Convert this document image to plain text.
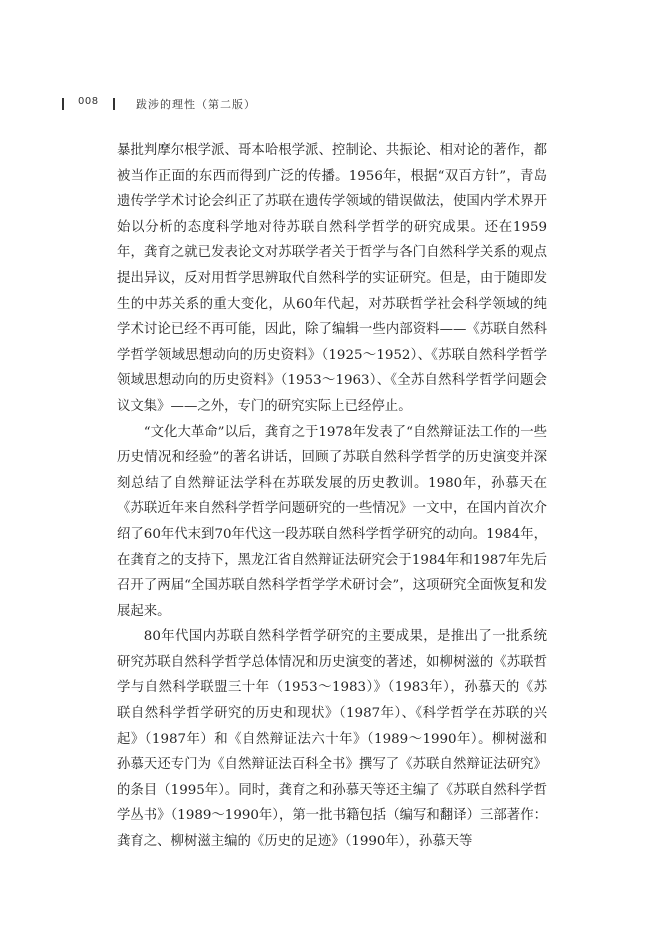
008	跋涉的理性（第二版）

暴批判摩尔根学派、哥本哈根学派、控制论、共振论、相对论的著作，都被当作正面的东西而得到广泛的传播。1956年，根据“双百方针”，青岛遗传学学术讨论会纠正了苏联在遗传学领域的错误做法，使国内学术界开始以分析的态度科学地对待苏联自然科学哲学的研究成果。还在1959年，龚育之就已发表论文对苏联学者关于哲学与各门自然科学关系的观点提出异议，反对用哲学思辨取代自然科学的实证研究。但是，由于随即发生的中苏关系的重大变化，从60年代起，对苏联哲学社会科学领域的纯学术讨论已经不再可能，因此，除了编辑一些内部资料——《苏联自然科学哲学领域思想动向的历史资料》（1925～1952）、《苏联自然科学哲学领域思想动向的历史资料》（1953～1963）、《全苏自然科学哲学问题会议文集》——之外，专门的研究实际上已经停止。

“文化大革命”以后，龚育之于1978年发表了“自然辩证法工作的一些历史情况和经验”的著名讲话，回顾了苏联自然科学哲学的历史演变并深刻总结了自然辩证法学科在苏联发展的历史教训。1980年，孙慕天在《苏联近年来自然科学哲学问题研究的一些情况》一文中，在国内首次介绍了60年代末到70年代这一段苏联自然科学哲学研究的动向。1984年，在龚育之的支持下，黑龙江省自然辩证法研究会于1984年和1987年先后召开了两届“全国苏联自然科学哲学学术研讨会”，这项研究全面恢复和发展起来。

80年代国内苏联自然科学哲学研究的主要成果，是推出了一批系统研究苏联自然科学哲学总体情况和历史演变的著述，如柳树滋的《苏联哲学与自然科学联盟三十年（1953～1983）》（1983年），孙慕天的《苏联自然科学哲学研究的历史和现状》（1987年）、《科学哲学在苏联的兴起》（1987年）和《自然辩证法六十年》（1989～1990年）。柳树滋和孙慕天还专门为《自然辩证法百科全书》撰写了《苏联自然辩证法研究》的条目（1995年）。同时，龚育之和孙慕天等还主编了《苏联自然科学哲学丛书》（1989～1990年），第一批书籍包括（编写和翻译）三部著作：龚育之、柳树滋主编的《历史的足迹》（1990年），孙慕天等
